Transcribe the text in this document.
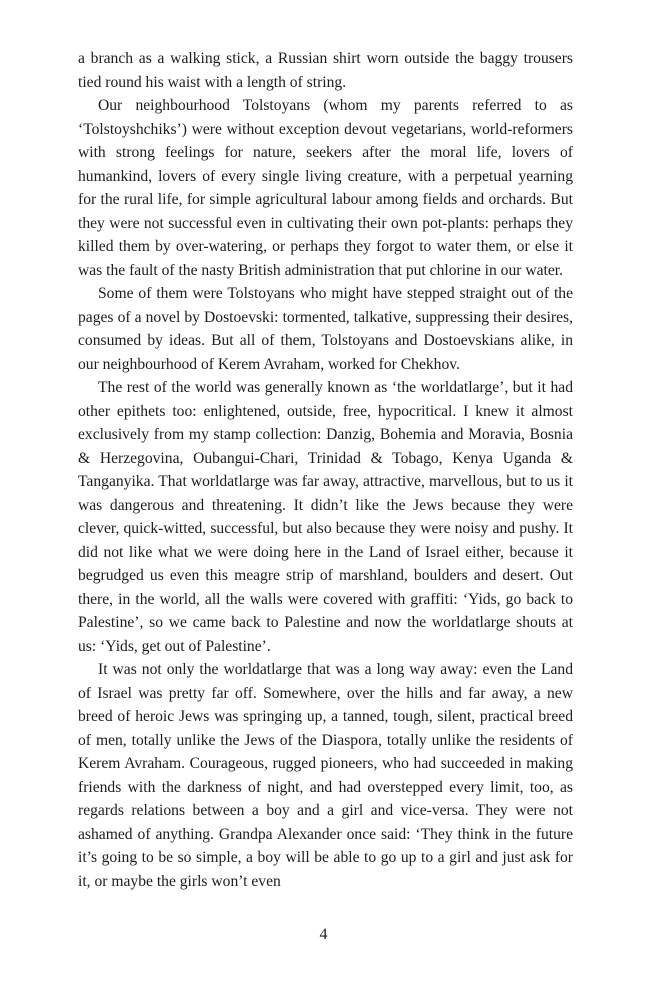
a branch as a walking stick, a Russian shirt worn outside the baggy trousers tied round his waist with a length of string.

Our neighbourhood Tolstoyans (whom my parents referred to as ‘Tolstoyshchiks’) were without exception devout vegetarians, world-reformers with strong feelings for nature, seekers after the moral life, lovers of humankind, lovers of every single living creature, with a perpetual yearning for the rural life, for simple agricultural labour among fields and orchards. But they were not successful even in cultivating their own pot-plants: perhaps they killed them by over-watering, or perhaps they forgot to water them, or else it was the fault of the nasty British administration that put chlorine in our water.

Some of them were Tolstoyans who might have stepped straight out of the pages of a novel by Dostoevski: tormented, talkative, suppressing their desires, consumed by ideas. But all of them, Tolstoyans and Dostoevskians alike, in our neighbourhood of Kerem Avraham, worked for Chekhov.

The rest of the world was generally known as ‘the worldatlarge’, but it had other epithets too: enlightened, outside, free, hypocritical. I knew it almost exclusively from my stamp collection: Danzig, Bohemia and Moravia, Bosnia & Herzegovina, Oubangui-Chari, Trinidad & Tobago, Kenya Uganda & Tanganyika. That worldatlarge was far away, attractive, marvellous, but to us it was dangerous and threatening. It didn’t like the Jews because they were clever, quick-witted, successful, but also because they were noisy and pushy. It did not like what we were doing here in the Land of Israel either, because it begrudged us even this meagre strip of marshland, boulders and desert. Out there, in the world, all the walls were covered with graffiti: ‘Yids, go back to Palestine’, so we came back to Palestine and now the worldatlarge shouts at us: ‘Yids, get out of Palestine’.

It was not only the worldatlarge that was a long way away: even the Land of Israel was pretty far off. Somewhere, over the hills and far away, a new breed of heroic Jews was springing up, a tanned, tough, silent, practical breed of men, totally unlike the Jews of the Diaspora, totally unlike the residents of Kerem Avraham. Courageous, rugged pioneers, who had succeeded in making friends with the darkness of night, and had overstepped every limit, too, as regards relations between a boy and a girl and vice-versa. They were not ashamed of anything. Grandpa Alexander once said: ‘They think in the future it’s going to be so simple, a boy will be able to go up to a girl and just ask for it, or maybe the girls won’t even

4
